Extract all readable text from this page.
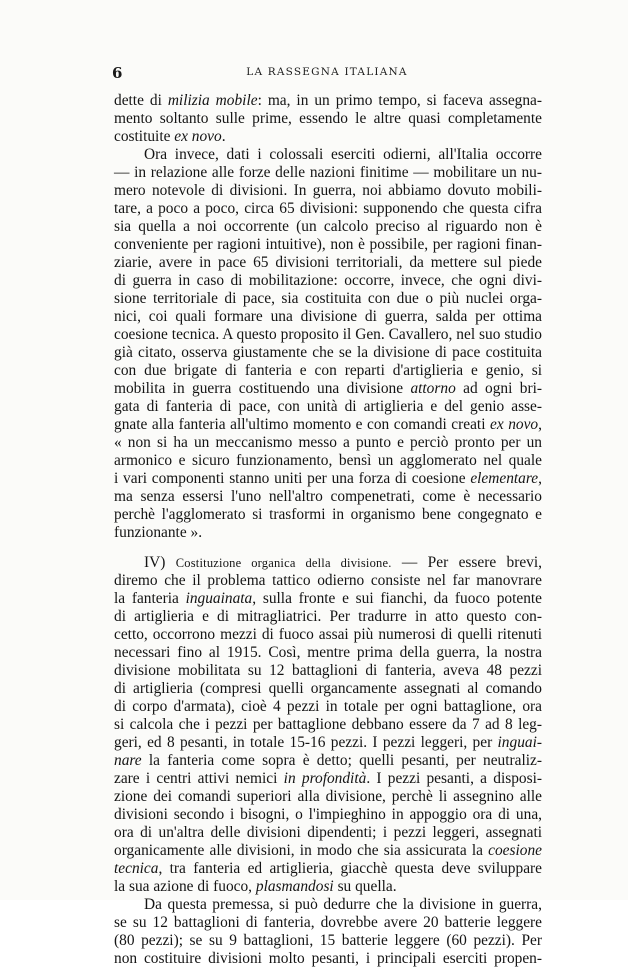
6	LA RASSEGNA ITALIANA
dette di milizia mobile: ma, in un primo tempo, si faceva assegna-
mento soltanto sulle prime, essendo le altre quasi completamente
costituite ex novo.
Ora invece, dati i colossali eserciti odierni, all'Italia occorre
— in relazione alle forze delle nazioni finitime — mobilitare un nu-
mero notevole di divisioni. In guerra, noi abbiamo dovuto mobili-
tare, a poco a poco, circa 65 divisioni: supponendo che questa cifra
sia quella a noi occorrente (un calcolo preciso al riguardo non è
conveniente per ragioni intuitive), non è possibile, per ragioni finan-
ziarie, avere in pace 65 divisioni territoriali, da mettere sul piede
di guerra in caso di mobilitazione: occorre, invece, che ogni divi-
sione territoriale di pace, sia costituita con due o più nuclei orga-
nici, coi quali formare una divisione di guerra, salda per ottima
coesione tecnica. A questo proposito il Gen. Cavallero, nel suo studio
già citato, osserva giustamente che se la divisione di pace costituita
con due brigate di fanteria e con reparti d'artiglieria e genio, si
mobilita in guerra costituendo una divisione attorno ad ogni bri-
gata di fanteria di pace, con unità di artiglieria e del genio asse-
gnate alla fanteria all'ultimo momento e con comandi creati ex novo,
« non si ha un meccanismo messo a punto e perciò pronto per un
armonico e sicuro funzionamento, bensì un agglomerato nel quale
i vari componenti stanno uniti per una forza di coesione elementare,
ma senza essersi l'uno nell'altro compenetrati, come è necessario
perchè l'agglomerato si trasformi in organismo bene congegnato e
funzionante ».
IV) Costituzione organica della divisione. — Per essere brevi,
diremo che il problema tattico odierno consiste nel far manovrare
la fanteria inguainata, sulla fronte e sui fianchi, da fuoco potente
di artiglieria e di mitragliatrici. Per tradurre in atto questo con-
cetto, occorrono mezzi di fuoco assai più numerosi di quelli ritenuti
necessari fino al 1915. Così, mentre prima della guerra, la nostra
divisione mobilitata su 12 battaglioni di fanteria, aveva 48 pezzi
di artiglieria (compresi quelli organcamente assegnati al comando
di corpo d'armata), cioè 4 pezzi in totale per ogni battaglione, ora
si calcola che i pezzi per battaglione debbano essere da 7 ad 8 leg-
geri, ed 8 pesanti, in totale 15-16 pezzi. I pezzi leggeri, per inguai-
nare la fanteria come sopra è detto; quelli pesanti, per neutraliz-
zare i centri attivi nemici in profondità. I pezzi pesanti, a disposi-
zione dei comandi superiori alla divisione, perchè li assegnino alle
divisioni secondo i bisogni, o l'impieghino in appoggio ora di una,
ora di un'altra delle divisioni dipendenti; i pezzi leggeri, assegnati
organicamente alle divisioni, in modo che sia assicurata la coesione
tecnica, tra fanteria ed artiglieria, giacchè questa deve sviluppare
la sua azione di fuoco, plasmandosi su quella.
Da questa premessa, si può dedurre che la divisione in guerra,
se su 12 battaglioni di fanteria, dovrebbe avere 20 batterie leggere
(80 pezzi); se su 9 battaglioni, 15 batterie leggere (60 pezzi). Per
non costituire divisioni molto pesanti, i principali eserciti propen-
